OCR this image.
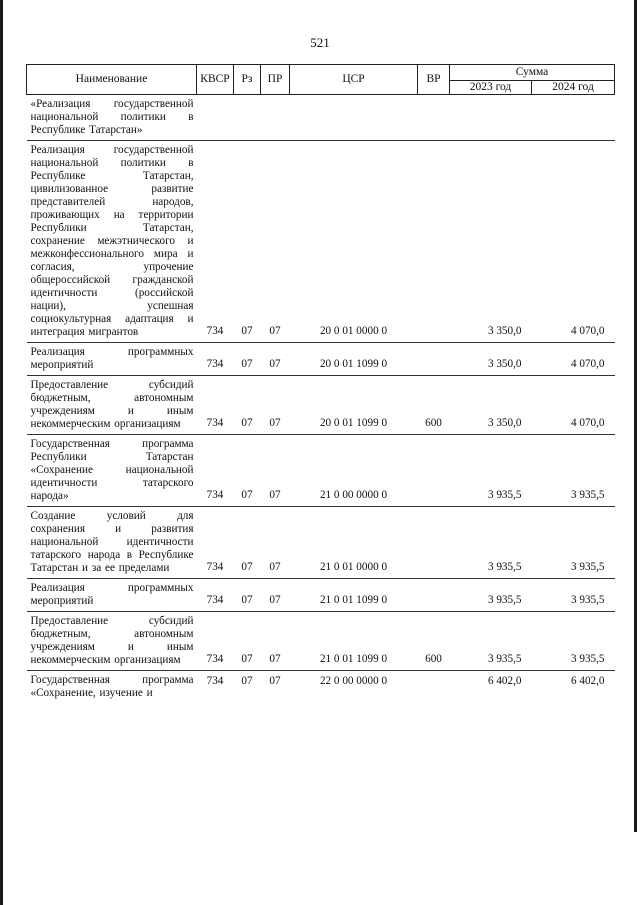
521
Наименование	КВСР	Рз	ПР	ЦСР	ВР	Сумма	
						2023 год	2024 год
«Реализация государственной национальной политики в Республике Татарстан»							
Реализация государственной национальной политики в Республике Татарстан, цивилизованное развитие представителей народов, проживающих на территории Республики Татарстан, сохранение межэтнического и межконфессионального мира и согласия, упрочение общероссийской гражданской идентичности (российской нации), успешная социокультурная адаптация и интеграция мигрантов	734	07	07	20 0 01 0000 0		3 350,0	4 070,0
Реализация программных мероприятий	734	07	07	20 0 01 1099 0		3 350,0	4 070,0
Предоставление субсидий бюджетным, автономным учреждениям и иным некоммерческим организациям	734	07	07	20 0 01 1099 0	600	3 350,0	4 070,0
Государственная программа Республики Татарстан «Сохранение национальной идентичности татарского народа»	734	07	07	21 0 00 0000 0		3 935,5	3 935,5
Создание условий для сохранения и развития национальной идентичности татарского народа в Республике Татарстан и за ее пределами	734	07	07	21 0 01 0000 0		3 935,5	3 935,5
Реализация программных мероприятий	734	07	07	21 0 01 1099 0		3 935,5	3 935,5
Предоставление субсидий бюджетным, автономным учреждениям и иным некоммерческим организациям	734	07	07	21 0 01 1099 0	600	3 935,5	3 935,5
Государственная программа «Сохранение, изучение и	734	07	07	22 0 00 0000 0		6 402,0	6 402,0
